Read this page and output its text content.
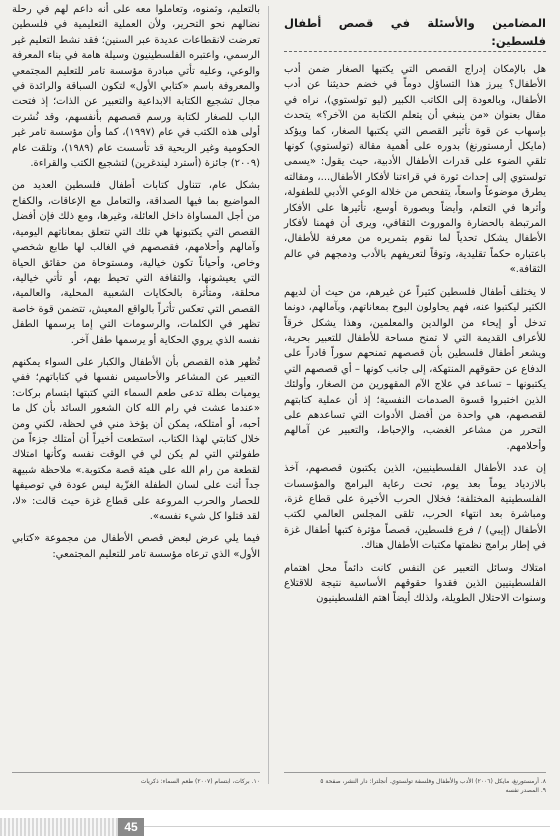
المضامين والأسئلة في قصص أطفال فلسطين:

هل بالإمكان إدراج القصص التي يكتبها الصغار ضمن أدب الأطفال؟ يبرز هذا التساؤل دوماً في خضم حديثنا عن أدب الأطفال، وبالعودة إلى الكاتب الكبير (ليو تولستوي)، نراه في مقال بعنوان «من ينبغي أن يتعلم الكتابة من الآخر؟» يتحدث بإسهاب عن قوة تأثير القصص التي يكتبها الصغار، كما ويؤكد (مايكل أرمستورنغ) بدوره على أهمية مقالة (تولستوي) كونها تلقي الضوء على قدرات الأطفال الأدبية، حيث يقول: «يسمى تولستوي إلى إحداث ثورة في قراءتنا لأفكار الأطفال...، ومقالته يطرق موضوعاً واسعاً، يتفحص من خلاله الوعي الأدبي للطفولة، وأثرها في التعلم، وأيضاً وبصورة أوسع، تأثيرها على الأفكار المرتبطة بالحضارة والموروث الثقافي، ويرى أن فهمنا لأفكار الأطفال يشكل تحدياً لما نقوم بتمريره من معرفة للأطفال، باعتباره حكماً تقليدية، وتوقاً لتعريفهم بالأدب ودمجهم في عالم الثقافة.»

لا يختلف أطفال فلسطين كثيراً عن غيرهم، من حيث أن لديهم الكثير ليكتبوا عنه، فهم يحاولون البوح بمعاناتهم، وبآمالهم، دونما تدخل أو إيحاء من الوالدين والمعلمين، وهذا يشكل خرقاً للأعراف القديمة التي لا تمنح مساحة للأطفال للتعبير بحرية، ويشعر أطفال فلسطين بأن قصصهم تمنحهم سوراً قادراً على الدفاع عن حقوقهم المنتهكة، إلى جانب كونها – أي قصصهم التي يكتبونها – تساعد في علاج الآم المقهورين من الصغار، وأولئك الذين اختبروا قسوة الصدمات النفسية؛ إذ أن عملية كتابتهم لقصصهم، هي واحدة من أفضل الأدوات التي تساعدهم على التحرر من مشاعر الغضب، والإحباط، والتعبير عن آمالهم وأحلامهم.

إن عدد الأطفال الفلسطينيين، الذين يكتبون قصصهم، آخذ بالازدياد يوماً بعد يوم، تحت رعاية البرامج والمؤسسات الفلسطينية المختلفة؛ فخلال الحرب الأخيرة على قطاع غزة، ومباشرة بعد انتهاء الحرب، تلقى المجلس العالمي لكتب الأطفال (إيبي) / فرع فلسطين، قصصاً مؤثرة كتبها أطفال غزة في إطار برامج نظمتها مكتبات الأطفال هناك.

امتلاك وسائل التعبير عن النفس كانت دائماً محل اهتمام الفلسطينيين الذين فقدوا حقوقهم الأساسية نتيجة للاقتلاع وسنوات الاحتلال الطويلة، ولذلك أيضاً اهتم الفلسطينيون

بالتعليم، وثمنوه، وتعاملوا معه على أنه داعم لهم في رحلة نضالهم نحو التحرير، ولأن العملية التعليمية في فلسطين تعرضت لانقطاعات عديدة عبر السنين؛ فقد نشط التعليم غير الرسمي، واعتبره الفلسطينيون وسيلة هامة في بناء المعرفة والوعي، وعليه تأتي مبادرة مؤسسة تامر للتعليم المجتمعي والمعروفة باسم «كتابي الأول» لتكون السباقة والرائدة في مجال تشجيع الكتابة الابداعية والتعبير عن الذات؛ إذ فتحت الباب للصغار لكتابة ورسم قصصهم بأنفسهم، وقد نُشرت أولى هذه الكتب في عام (١٩٩٧)، كما وأن مؤسسة تامر غير الحكومية وغير الربحية قد تأسست عام (١٩٨٩)، وتلقت عام (٢٠٠٩) جائزة (أسترد ليندغرين) لتشجيع الكتب والقراءة.

بشكل عام، تتناول كتابات أطفال فلسطين العديد من المواضيع بما فيها الصداقة، والتعامل مع الإعاقات، والكفاح من أجل المساواة داخل العائلة، وغيرها، ومع ذلك فإن أفضل القصص التي يكتبونها هي تلك التي تتعلق بمعاناتهم اليومية، وآمالهم وأحلامهم، فقصصهم في الغالب لها طابع شخصي وخاص، وأحياناً تكون خيالية، ومستوحاة من حقائق الحياة التي يعيشونها، والثقافة التي تحيط بهم، أو تأتي خيالية، محلقة، ومتأثرة بالحكايات الشعبية المحلية، والعالمية، القصص التي تعكس تأثراً بالواقع المعيش، تتضمن قوة خاصة تظهر في الكلمات، والرسومات التي إما يرسمها الطفل نفسه الذي يروي الحكاية أو يرسمها طفل آخر.

تُظهر هذه القصص بأن الأطفال والكبار على السواء يمكنهم التعبير عن المشاعر والأحاسيس نفسها في كتاباتهم؛ ففي يوميات بطلة تدعى طعم السماء التي كتبتها ابتسام بركات: «عندما عشت في رام الله كان الشعور السائد بأن كل ما أحبه، أو أمتلكه، يمكن أن يؤخذ مني في لحظة، لكني ومن خلال كتابتي لهذا الكتاب، استطعت أخيراً أن أمتلك جزءاً من طفولتي التي لم يكن لي في الوقت نفسه وكأنها امتلاك لقطعة من رام الله على هيئة قصة مكتوبة.» ملاحظة شبيهة جداً أتت على لسان الطفلة الغزّية ليس عودة في توصيفها للحصار والحرب المروعة على قطاع غزة حيث قالت: «لا، لقد قتلوا كل شيء نفسه».

فيما يلي عرض لبعض قصص الأطفال من مجموعة «كتابي الأول» الذي ترعاه مؤسسة تامر للتعليم المجتمعي:

٨. أرمستورنغ، مايكل (٢٠٠٦) الأدب والأطفال وفلسفة تولستوي. أنجلترا: دار النشر، صفحة ٥
٩. المصدر نفسه
١٠. بركات، ابتسام (٢٠٠٧) طعم السماء: ذكريات
45
